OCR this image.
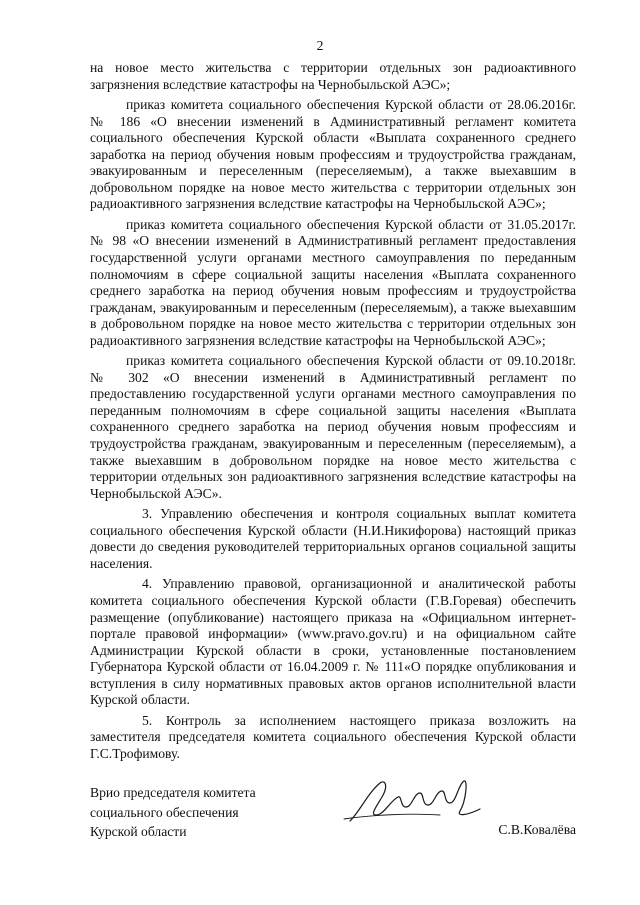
2

на новое место жительства с территории отдельных зон радиоактивного загрязнения вследствие катастрофы на Чернобыльской АЭС»;

приказ комитета социального обеспечения Курской области от 28.06.2016г. № 186 «О внесении изменений в Административный регламент комитета социального обеспечения Курской области «Выплата сохраненного среднего заработка на период обучения новым профессиям и трудоустройства гражданам, эвакуированным и переселенным (переселяемым), а также выехавшим в добровольном порядке на новое место жительства с территории отдельных зон радиоактивного загрязнения вследствие катастрофы на Чернобыльской АЭС»;

приказ комитета социального обеспечения Курской области от 31.05.2017г. № 98 «О внесении изменений в Административный регламент предоставления государственной услуги органами местного самоуправления по переданным полномочиям в сфере социальной защиты населения «Выплата сохраненного среднего заработка на период обучения новым профессиям и трудоустройства гражданам, эвакуированным и переселенным (переселяемым), а также выехавшим в добровольном порядке на новое место жительства с территории отдельных зон радиоактивного загрязнения вследствие катастрофы на Чернобыльской АЭС»;

приказ комитета социального обеспечения Курской области от 09.10.2018г. № 302 «О внесении изменений в Административный регламент по предоставлению государственной услуги органами местного самоуправления по переданным полномочиям в сфере социальной защиты населения «Выплата сохраненного среднего заработка на период обучения новым профессиям и трудоустройства гражданам, эвакуированным и переселенным (переселяемым), а также выехавшим в добровольном порядке на новое место жительства с территории отдельных зон радиоактивного загрязнения вследствие катастрофы на Чернобыльской АЭС».

3. Управлению обеспечения и контроля социальных выплат комитета социального обеспечения Курской области (Н.И.Никифорова) настоящий приказ довести до сведения руководителей территориальных органов социальной защиты населения.

4. Управлению правовой, организационной и аналитической работы комитета социального обеспечения Курской области (Г.В.Горевая) обеспечить размещение (опубликование) настоящего приказа на «Официальном интернет-портале правовой информации» (www.pravo.gov.ru) и на официальном сайте Администрации Курской области в сроки, установленные постановлением Губернатора Курской области от 16.04.2009 г. № 111«О порядке опубликования и вступления в силу нормативных правовых актов органов исполнительной власти Курской области.

5. Контроль за исполнением настоящего приказа возложить на заместителя председателя комитета социального обеспечения Курской области Г.С.Трофимову.

Врио председателя комитета
социального обеспечения
Курской области	С.В.Ковалёва
